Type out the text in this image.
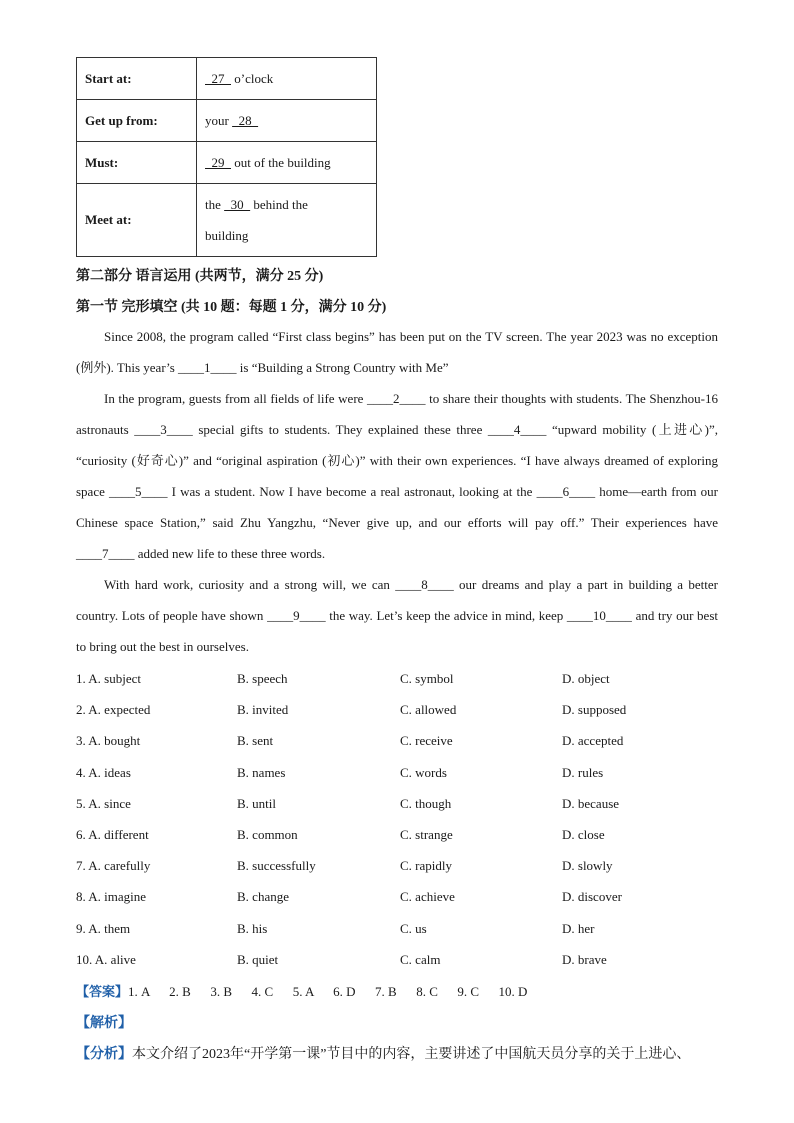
Start at:	27   o’clock
Get up from:	your   28
Must:	29   out of the building
Meet at:	the   30   behind the
building
第二部分 语言运用 (共两节，满分 25 分)
第一节 完形填空 (共 10 题：每题 1 分，满分 10 分)

Since 2008, the program called “First class begins” has been put on the TV screen. The year 2023 was no exception (例外). This year’s ____1____ is “Building a Strong Country with Me”

In the program, guests from all fields of life were ____2____ to share their thoughts with students. The Shenzhou-16 astronauts ____3____ special gifts to students. They explained these three ____4____ “upward mobility (上进心)”, “curiosity (好奇心)” and “original aspiration (初心)” with their own experiences. “I have always dreamed of exploring space ____5____ I was a student. Now I have become a real astronaut, looking at the ____6____ home—earth from our Chinese space Station,” said Zhu Yangzhu, “Never give up, and our efforts will pay off.” Their experiences have ____7____ added new life to these three words.

With hard work, curiosity and a strong will, we can ____8____ our dreams and play a part in building a better country. Lots of people have shown ____9____ the way. Let’s keep the advice in mind, keep ____10____ and try our best to bring out the best in ourselves.

1. A. subject	B. speech	C. symbol	D. object
2. A. expected	B. invited	C. allowed	D. supposed
3. A. bought	B. sent	C. receive	D. accepted
4. A. ideas	B. names	C. words	D. rules
5. A. since	B. until	C. though	D. because
6. A. different	B. common	C. strange	D. close
7. A. carefully	B. successfully	C. rapidly	D. slowly
8. A. imagine	B. change	C. achieve	D. discover
9. A. them	B. his	C. us	D. her
10. A. alive	B. quiet	C. calm	D. brave
【答案】1. A      2. B      3. B      4. C      5. A      6. D      7. B      8. C      9. C      10. D
【解析】
【分析】本文介绍了2023年“开学第一课”节目中的内容，主要讲述了中国航天员分享的关于上进心、
